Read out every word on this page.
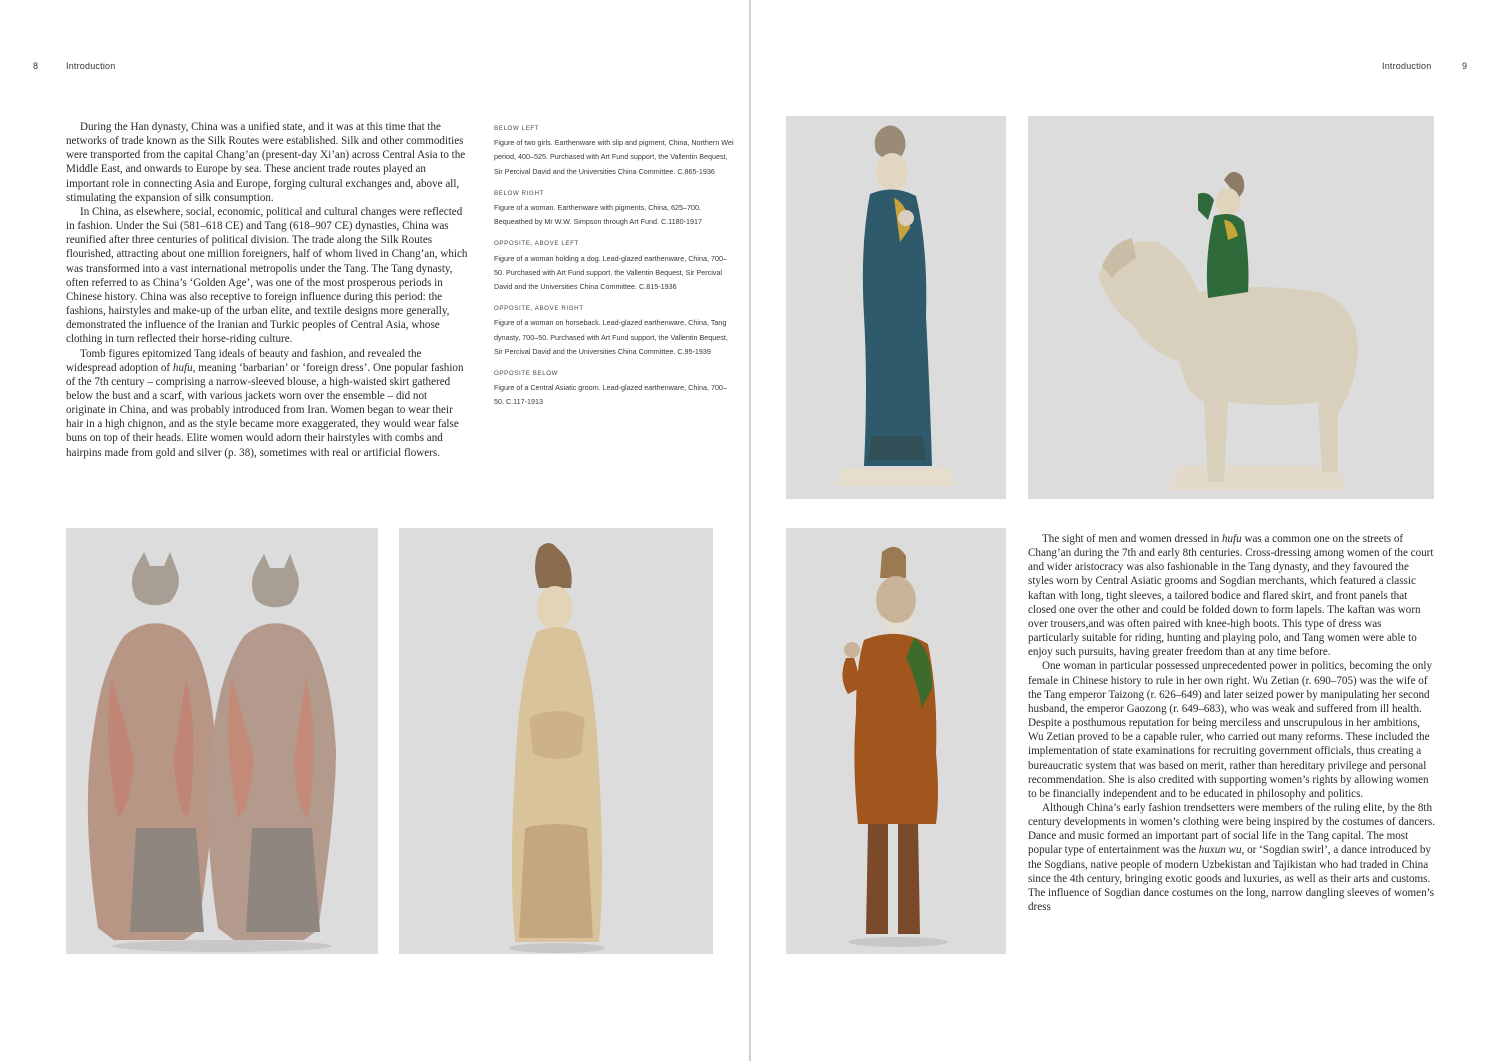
8	Introduction

During the Han dynasty, China was a unified state, and it was at this time that the networks of trade known as the Silk Routes were established. Silk and other commodities were transported from the capital Chang’an (present-day Xi’an) across Central Asia to the Middle East, and onwards to Europe by sea. These ancient trade routes played an important role in connecting Asia and Europe, forging cultural exchanges and, above all, stimulating the expansion of silk consumption.

In China, as elsewhere, social, economic, political and cultural changes were reflected in fashion. Under the Sui (581–618 CE) and Tang (618–907 CE) dynasties, China was reunified after three centuries of political division. The trade along the Silk Routes flourished, attracting about one million foreigners, half of whom lived in Chang’an, which was transformed into a vast international metropolis under the Tang. The Tang dynasty, often referred to as China’s ‘Golden Age’, was one of the most prosperous periods in Chinese history. China was also receptive to foreign influence during this period: the fashions, hairstyles and make-up of the urban elite, and textile designs more generally, demonstrated the influence of the Iranian and Turkic peoples of Central Asia, whose clothing in turn reflected their horse-riding culture.

Tomb figures epitomized Tang ideals of beauty and fashion, and revealed the widespread adoption of hufu, meaning ‘barbarian’ or ‘foreign dress’. One popular fashion of the 7th century – comprising a narrow-sleeved blouse, a high-waisted skirt gathered below the bust and a scarf, with various jackets worn over the ensemble – did not originate in China, and was probably introduced from Iran. Women began to wear their hair in a high chignon, and as the style became more exaggerated, they would wear false buns on top of their heads. Elite women would adorn their hairstyles with combs and hairpins made from gold and silver (p. 38), sometimes with real or artificial flowers.

BELOW LEFT
Figure of two girls. Earthenware with slip and pigment, China, Northern Wei period, 400–525. Purchased with Art Fund support, the Vallentin Bequest, Sir Percival David and the Universities China Committee. C.865-1936
BELOW RIGHT
Figure of a woman. Earthenware with pigments, China, 625–700. Bequeathed by Mr W.W. Simpson through Art Fund. C.1180-1917
OPPOSITE, ABOVE LEFT
Figure of a woman holding a dog. Lead-glazed earthenware, China, 700–50. Purchased with Art Fund support, the Vallentin Bequest, Sir Percival David and the Universities China Committee. C.815-1936
OPPOSITE, ABOVE RIGHT
Figure of a woman on horseback. Lead-glazed earthenware, China, Tang dynasty, 700–50. Purchased with Art Fund support, the Vallentin Bequest, Sir Percival David and the Universities China Committee. C.95-1939
OPPOSITE BELOW
Figure of a Central Asiatic groom. Lead-glazed earthenware, China, 700–50. C.117-1913
Introduction	9

The sight of men and women dressed in hufu was a common one on the streets of Chang’an during the 7th and early 8th centuries. Cross-dressing among women of the court and wider aristocracy was also fashionable in the Tang dynasty, and they favoured the styles worn by Central Asiatic grooms and Sogdian merchants, which featured a classic kaftan with long, tight sleeves, a tailored bodice and flared skirt, and front panels that closed one over the other and could be folded down to form lapels. The kaftan was worn over trousers,and was often paired with knee-high boots. This type of dress was particularly suitable for riding, hunting and playing polo, and Tang women were able to enjoy such pursuits, having greater freedom than at any time before.

One woman in particular possessed unprecedented power in politics, becoming the only female in Chinese history to rule in her own right. Wu Zetian (r. 690–705) was the wife of the Tang emperor Taizong (r. 626–649) and later seized power by manipulating her second husband, the emperor Gaozong (r. 649–683), who was weak and suffered from ill health. Despite a posthumous reputation for being merciless and unscrupulous in her ambitions, Wu Zetian proved to be a capable ruler, who carried out many reforms. These included the implementation of state examinations for recruiting government officials, thus creating a bureaucratic system that was based on merit, rather than hereditary privilege and personal recommendation. She is also credited with supporting women’s rights by allowing women to be financially independent and to be educated in philosophy and politics.

Although China’s early fashion trendsetters were members of the ruling elite, by the 8th century developments in women’s clothing were being inspired by the costumes of dancers. Dance and music formed an important part of social life in the Tang capital. The most popular type of entertainment was the huxun wu, or ‘Sogdian swirl’, a dance introduced by the Sogdians, native people of modern Uzbekistan and Tajikistan who had traded in China since the 4th century, bringing exotic goods and luxuries, as well as their arts and customs. The influence of Sogdian dance costumes on the long, narrow dangling sleeves of women’s dress
